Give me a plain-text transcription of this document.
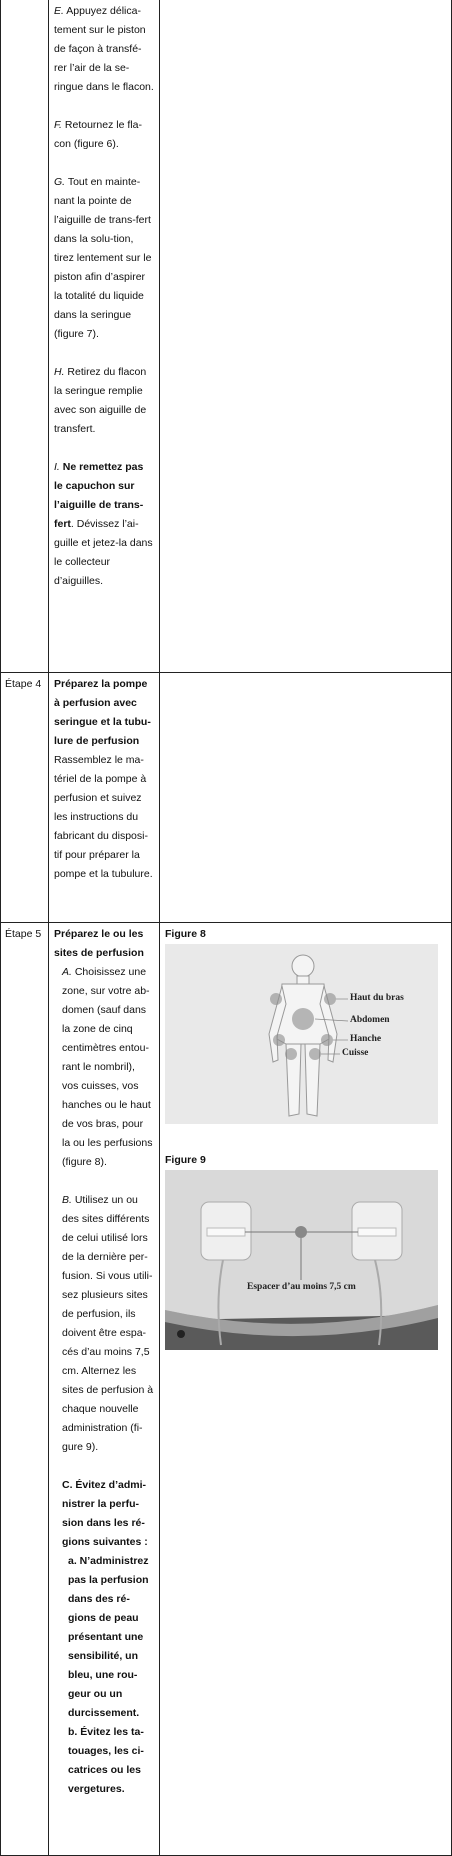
E. Appuyez délica-tement sur le piston de façon à transfé-rer l’air de la se-ringue dans le flacon.

F. Retournez le fla-con (figure 6).

G. Tout en mainte-nant la pointe de l’aiguille de trans-fert dans la solu-tion, tirez lentement sur le piston afin d’aspirer la totalité du liquide dans la seringue (figure 7).

H. Retirez du flacon la seringue remplie avec son aiguille de transfert.

I. Ne remettez pas le capuchon sur l’aiguille de trans-fert. Dévissez l’ai-guille et jetez-la dans le collecteur d’aiguilles.

Étape 4	Préparez la pompe à perfusion avec seringue et la tubu-lure de perfusion
Rassemblez le ma-tériel de la pompe à perfusion et suivez les instructions du fabricant du disposi-tif pour préparer la pompe et la tubulure.
Étape 5	Préparez le ou les sites de perfusion

A. Choisissez une zone, sur votre ab-domen (sauf dans la zone de cinq centimètres entou-rant le nombril), vos cuisses, vos hanches ou le haut de vos bras, pour la ou les perfusions (figure 8).

B. Utilisez un ou des sites différents de celui utilisé lors de la dernière per-fusion. Si vous utili-sez plusieurs sites de perfusion, ils doivent être espa-cés d’au moins 7,5 cm. Alternez les sites de perfusion à chaque nouvelle administration (fi-gure 9).

C. Évitez d’admi-nistrer la perfu-sion dans les ré-gions suivantes :
a. N’administrez pas la perfusion dans des ré-gions de peau présentant une sensibilité, un bleu, une rou-geur ou un durcissement.
b. Évitez les ta-touages, les ci-catrices ou les vergetures.
Figure 8
Haut du bras
Abdomen
Hanche
Cuisse
Figure 9
Espacer d’au moins 7,5 cm
